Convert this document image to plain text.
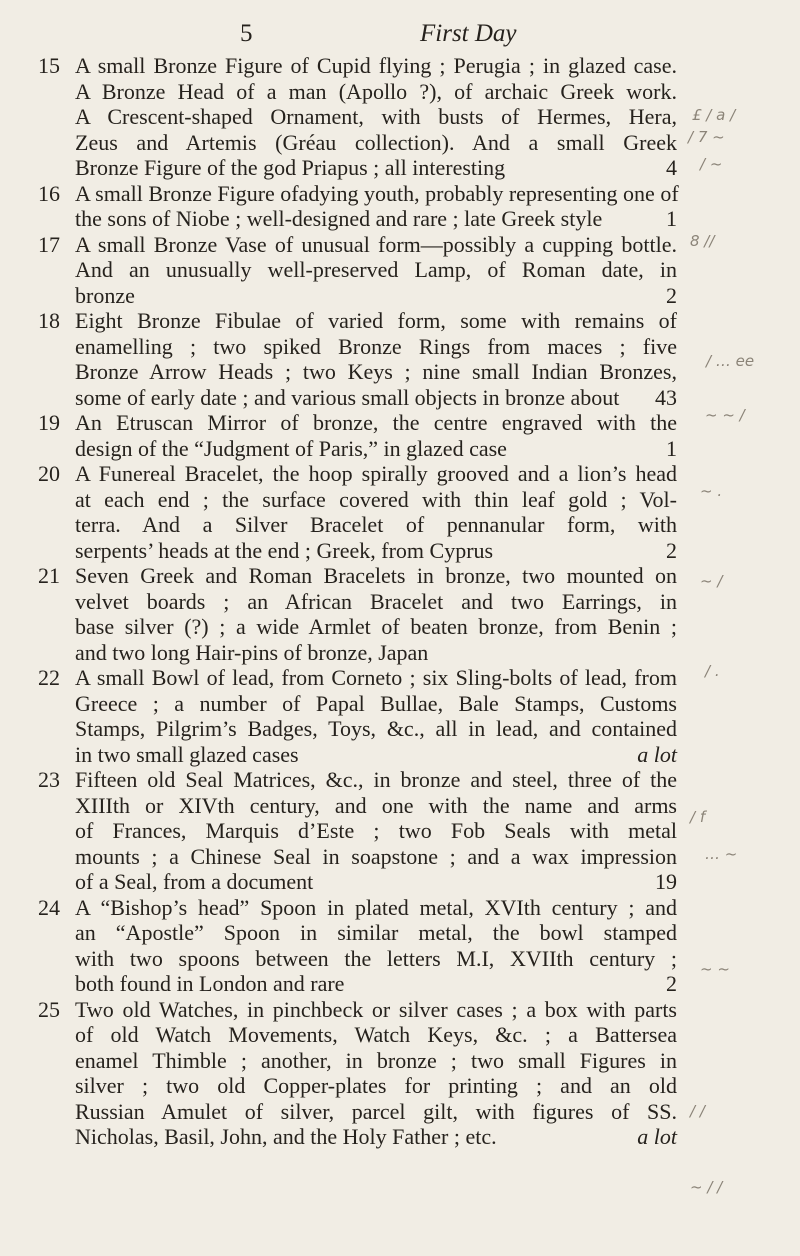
5	First Day
£ / a /
/ 7 ~
/ ~
8 //
/ … ee
~ ~ /
~ .
~ /
/ .
/ f
… ~
~ ~
/ /
~ / /
15 A small Bronze Figure of Cupid flying ; Perugia ; in glazed case.
A Bronze Head of a man (Apollo ?), of archaic Greek work.
A Crescent-shaped Ornament, with busts of Hermes, Hera,
Zeus and Artemis (Gréau collection). And a small Greek
4
Bronze Figure of the god Priapus ; all interesting
16 A small Bronze Figure ofadying youth, probably representing one of
1
the sons of Niobe ; well-designed and rare ; late Greek style
17 A small Bronze Vase of unusual form—possibly a cupping bottle.
And an unusually well-preserved Lamp, of Roman date, in
2
bronze
18 Eight Bronze Fibulae of varied form, some with remains of
enamelling ; two spiked Bronze Rings from maces ; five
Bronze Arrow Heads ; two Keys ; nine small Indian Bronzes,
43
some of early date ; and various small objects in bronze about
19 An Etruscan Mirror of bronze, the centre engraved with the
1
design of the “Judgment of Paris,” in glazed case
20 A Funereal Bracelet, the hoop spirally grooved and a lion’s head
at each end ; the surface covered with thin leaf gold ; Vol-
terra. And a Silver Bracelet of pennanular form, with
2
serpents’ heads at the end ; Greek, from Cyprus
21 Seven Greek and Roman Bracelets in bronze, two mounted on
velvet boards ; an African Bracelet and two Earrings, in
base silver (?) ; a wide Armlet of beaten bronze, from Benin ;
and two long Hair-pins of bronze, Japan
22 A small Bowl of lead, from Corneto ; six Sling-bolts of lead, from
Greece ; a number of Papal Bullae, Bale Stamps, Customs
Stamps, Pilgrim’s Badges, Toys, &c., all in lead, and contained
a lot
in two small glazed cases
23 Fifteen old Seal Matrices, &c., in bronze and steel, three of the
XIIIth or XIVth century, and one with the name and arms
of Frances, Marquis d’Este ; two Fob Seals with metal
mounts ; a Chinese Seal in soapstone ; and a wax impression
19
of a Seal, from a document
24 A “Bishop’s head” Spoon in plated metal, XVIth century ; and
an “Apostle” Spoon in similar metal, the bowl stamped
with two spoons between the letters M.I, XVIIth century ;
2
both found in London and rare
25 Two old Watches, in pinchbeck or silver cases ; a box with parts
of old Watch Movements, Watch Keys, &c. ; a Battersea
enamel Thimble ; another, in bronze ; two small Figures in
silver ; two old Copper-plates for printing ; and an old
Russian Amulet of silver, parcel gilt, with figures of SS.
a lot
Nicholas, Basil, John, and the Holy Father ; etc.
